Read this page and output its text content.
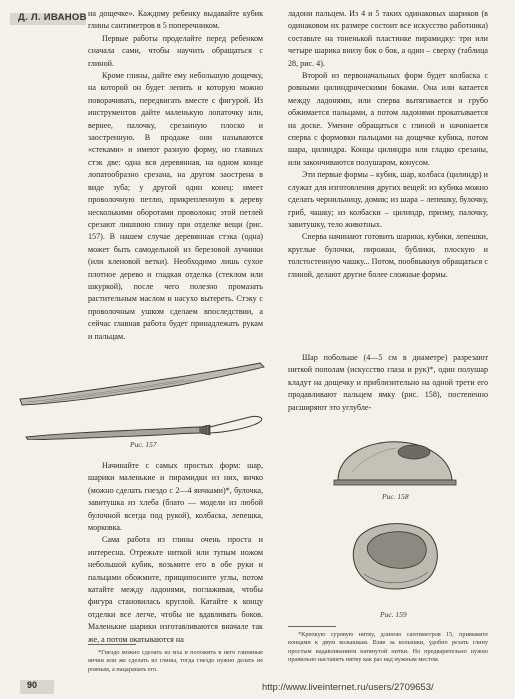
Д. Л. ИВАНОВ на дощечке». Каждому ребенку выдавайте кубик глины сантиметров в 5 поперечником.

Первые работы проделайте перед ребенком сначала сами, чтобы научить обращаться с глиной.

Кроме глины, дайте ему небольшую дощечку, на которой он будет лепить и которую можно поворачивать, передвигать вместе с фигурой. Из инструментов дайте маленькую лопаточку или, вернее, палочку, срезанную плоско и заостренную. В продаже они называются «стеками» и имеют разную форму, но главных стэк две: одна вся деревянная, на одном конце лопатообразно срезана, на другом заострена в виде зуба; у другой один конец: имеет проволочную петлю, прикрепленную к дереву несколькими оборотами проволоки; этой петлей срезают лишнюю глину при отделке вещи (рис. 157). В нашем случае деревянная стэка (одна) может быть самодельной из березовой лучинки (или кленовой ветки). Необходимо лишь сухое плотное дерево и гладкая отделка (стеклом или шкуркой), после чего полезно промазать растительным маслом и насухо вытереть. Стэку с проволочным ушком сделаем впоследствии, а сейчас главная работа будет принадлежать рукам и пальцам.

ладони пальцем. Из 4 и 5 таких одинаковых шариков (в одинаковом их размере состоит все искусство работника) составьте на тоненькой пластинке пирамидку: три или четыре шарика внизу бок о бок, а один – сверху (таблица 28, рис. 4).

Второй из первоначальных форм будет колбаска с ровными цилиндрическими боками. Она или катается между ладонями, или сперва вытягивается и грубо обжимается пальцами, а потом ладонями прокатывается на доске. Умение обращаться с глиной и начинается сперва с формовки пальцами на дощечке кубика, потом шара, цилиндра. Концы цилиндра или гладко срезаны, или закончиваются полушаром, конусом.

Эти первые формы – кубик, шар, колбаса (цилиндр) и служат для изготовления других вещей: из кубика можно сделать чернильницу, домик; из шара – лепешку, булочку, гриб, чашку; из колбаски – цилиндр, призму, палочку, завитушку, тело животных.

Сперва начинают готовить шарики, кубики, лепешки, круглые булочки, пирожки, бублики, плоскую и толстостенную чашку... Потом, пообвыкнув обращаться с глиной, делают другие более сложные формы.

Рис. 157

Начинайте с самых простых форм: шар, шарики маленькие и пирамидки из них, яичко (можно сделать гнездо с 2—4 яичками)*, булочка, завитушка из хлеба (блато — модели из любой булочной всегда под рукой), колбаска, лепешка, морковка.

Сама работа из глины очень проста и интересна. Отрежьте ниткой или тупым ножом небольшой кубик, возьмите его в обе руки и пальцами обожмите, прищипосните углы, потом катайте между ладонями, поглаживая, чтобы фигура становилась круглой. Катайте к концу отделки все легче, чтобы не вдавливать боков. Маленькие шарики изготавливаются вначале так же, а потом окатываются на

Шар побольше (4—5 см в диаметре) разрезают ниткой пополам (искусство глаза и рук)*, один полушар кладут на дощечку и приблизительно на одной трети его продавливают пальцем ямку (рис. 158), постепенно расширяют это углубле-

Рис. 158
Рис. 159

*Гнездо можно сделать из мха и положить в него глиняные яички или же сделать из глины, тогда гнездо нужно делать не ровным, а нацарапать его.

*Крепкую суровую нитку, длиною сантиметров 15, привяжите концами к двум колышкам. Взяв за колышки, удобно резать глину простым надавливанием натянутой нитки. Но предварительно нужно правильно наставить нитку как раз над нужным местом.

90	http://www.liveinternet.ru/users/2709653/
